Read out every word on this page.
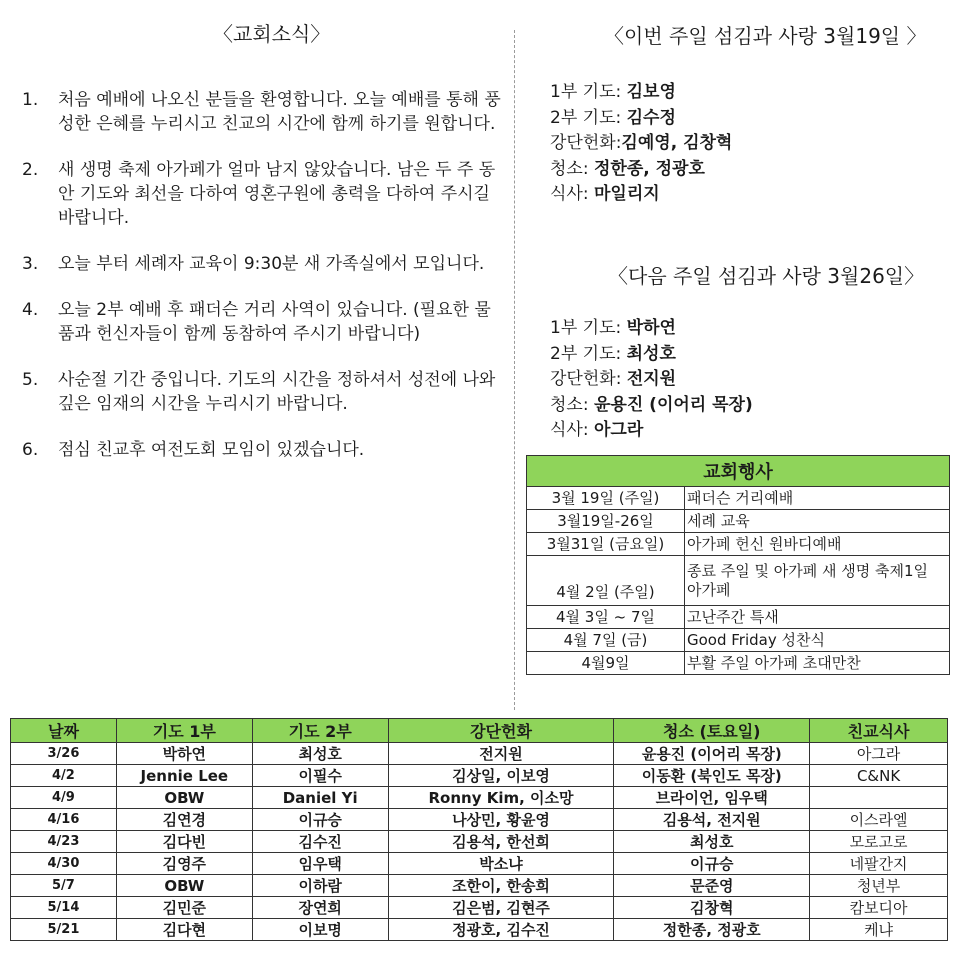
〈교회소식〉
1.	처음 예배에 나오신 분들을 환영합니다. 오늘 예배를 통해 풍성한 은혜를 누리시고 친교의 시간에 함께 하기를 원합니다.
2.	새 생명 축제 아가페가 얼마 남지 않았습니다. 남은 두 주 동안 기도와 최선을 다하여 영혼구원에 총력을 다하여 주시길 바랍니다.
3.	오늘 부터 세례자 교육이 9:30분 새 가족실에서 모입니다.
4.	오늘 2부 예배 후 패더슨 거리 사역이 있습니다. (필요한 물품과 헌신자들이 함께 동참하여 주시기 바랍니다)
5.	사순절 기간 중입니다. 기도의 시간을 정하셔서 성전에 나와 깊은 임재의 시간을 누리시기 바랍니다.
6.	점심 친교후 여전도회 모임이 있겠습니다.
〈이번 주일 섬김과 사랑 3월19일 〉
1부 기도: 김보영
2부 기도: 김수정
강단헌화:김예영, 김창혁
청소: 정한종, 정광호
식사: 마일리지
〈다음 주일 섬김과 사랑 3월26일〉
1부 기도: 박하연
2부 기도: 최성호
강단헌화: 전지원
청소: 윤용진 (이어리 목장)
식사: 아그라
교회행사	
3월 19일 (주일)	패더슨 거리예배
3월19일-26일	세례 교육
3월31일 (금요일)	아가페 헌신 원바디예배
4월 2일 (주일)	종료 주일 및 아가페 새 생명 축제1일 아가페
4월 3일 ~ 7일	고난주간 특새
4월 7일 (금)	Good Friday 성찬식
4월9일	부활 주일 아가페 초대만찬
날짜	기도 1부	기도 2부	강단헌화	청소 (토요일)	친교식사
3/26	박하연	최성호	전지원	윤용진 (이어리 목장)	아그라
4/2	Jennie Lee	이필수	김상일, 이보영	이동환 (북인도 목장)	C&NK
4/9	OBW	Daniel Yi	Ronny Kim, 이소망	브라이언, 임우택	
4/16	김연경	이규승	나상민, 황윤영	김용석, 전지원	이스라엘
4/23	김다빈	김수진	김용석, 한선희	최성호	모로고로
4/30	김영주	임우택	박소냐	이규승	네팔간지
5/7	OBW	이하람	조한이, 한송희	문준영	청년부
5/14	김민준	장연희	김은범, 김현주	김창혁	캄보디아
5/21	김다현	이보명	정광호, 김수진	정한종, 정광호	케냐
